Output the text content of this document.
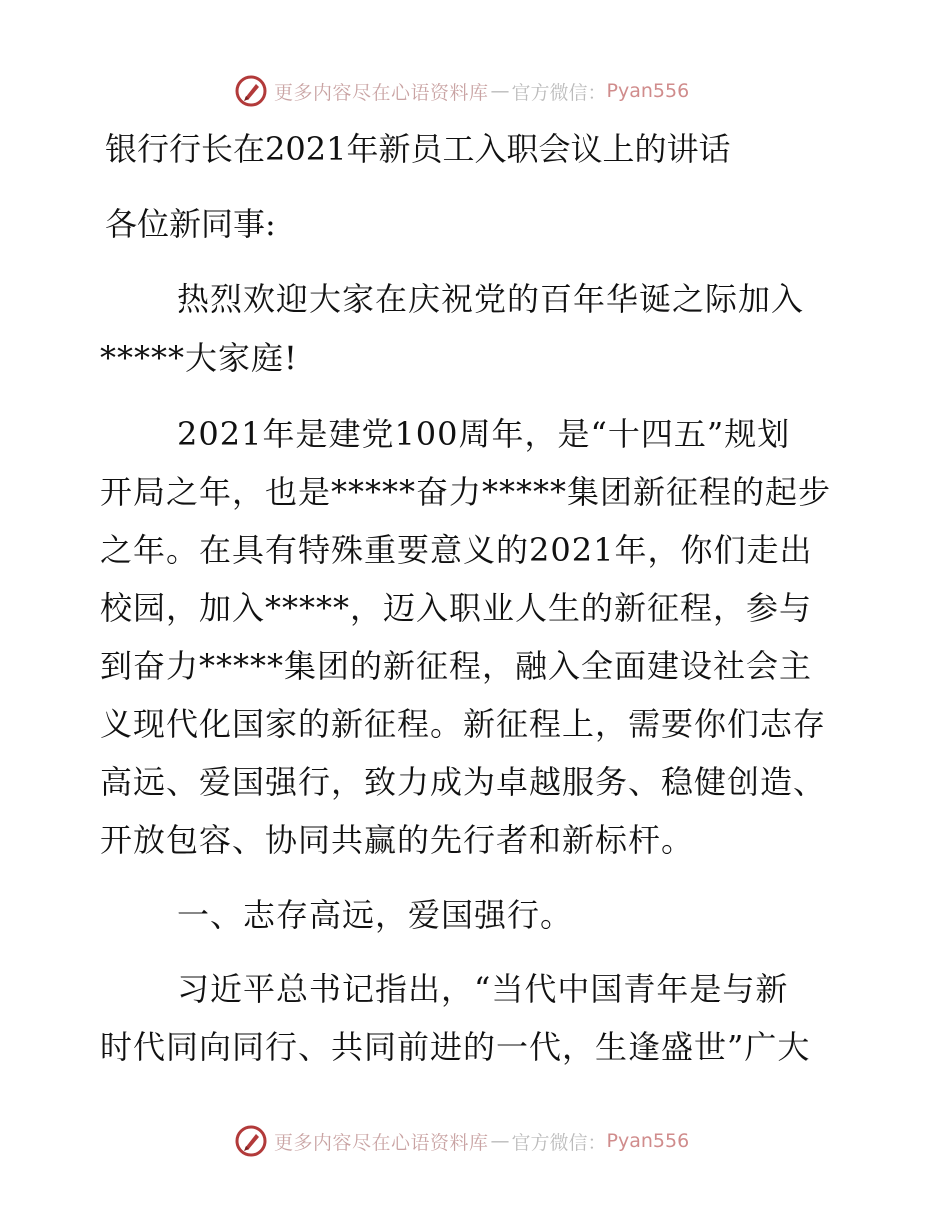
更多内容尽在心语资料库 — 官方微信： Pyan556
银行行长在2021年新员工入职会议上的讲话
各位新同事:
热烈欢迎大家在庆祝党的百年华诞之际加入
*****大家庭!
2021年是建党100周年，是“十四五”规划
开局之年，也是*****奋力*****集团新征程的起步
之年。在具有特殊重要意义的2021年，你们走出
校园，加入*****，迈入职业人生的新征程，参与
到奋力*****集团的新征程，融入全面建设社会主
义现代化国家的新征程。新征程上，需要你们志存
高远、爱国强行，致力成为卓越服务、稳健创造、
开放包容、协同共赢的先行者和新标杆。
一、志存高远，爱国强行。
习近平总书记指出，“当代中国青年是与新
时代同向同行、共同前进的一代，生逢盛世”广大
更多内容尽在心语资料库 — 官方微信： Pyan556
